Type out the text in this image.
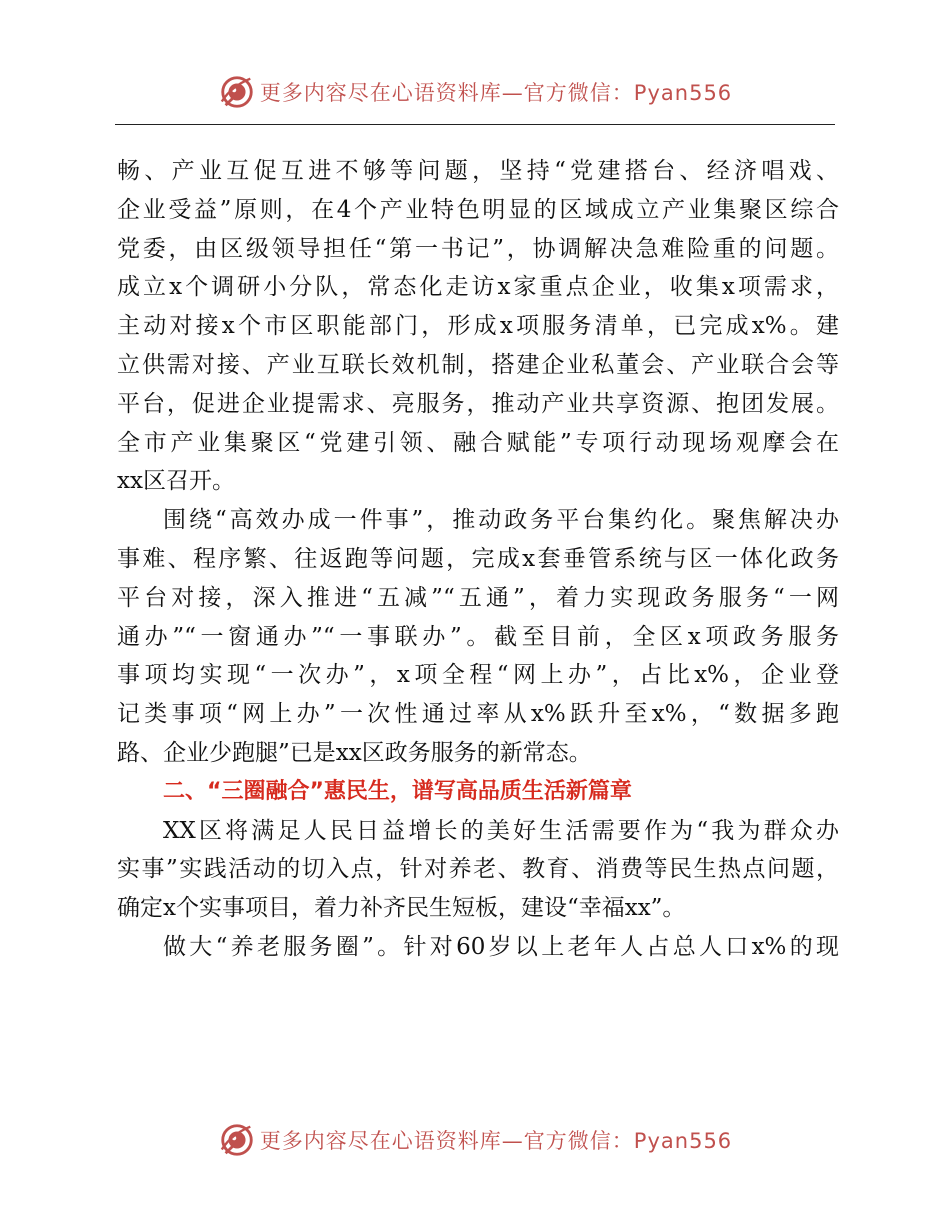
更多内容尽在心语资料库—官方微信：Pyan556
畅、产业互促互进不够等问题，坚持“党建搭台、经济唱戏、
企业受益”原则，在4个产业特色明显的区域成立产业集聚区综合
党委，由区级领导担任“第一书记”，协调解决急难险重的问题。
成立x个调研小分队，常态化走访x家重点企业，收集x项需求，
主动对接x个市区职能部门，形成x项服务清单，已完成x%。建
立供需对接、产业互联长效机制，搭建企业私董会、产业联合会等
平台，促进企业提需求、亮服务，推动产业共享资源、抱团发展。
全市产业集聚区“党建引领、融合赋能”专项行动现场观摩会在
xx区召开。
围绕“高效办成一件事”，推动政务平台集约化。聚焦解决办
事难、程序繁、往返跑等问题，完成x套垂管系统与区一体化政务
平台对接，深入推进“五减”“五通”，着力实现政务服务“一网
通办”“一窗通办”“一事联办”。截至目前，全区x项政务服务
事项均实现“一次办”，x项全程“网上办”，占比x%，企业登
记类事项“网上办”一次性通过率从x%跃升至x%，“数据多跑
路、企业少跑腿”已是xx区政务服务的新常态。
二、“三圈融合”惠民生，谱写高品质生活新篇章
XX区将满足人民日益增长的美好生活需要作为“我为群众办
实事”实践活动的切入点，针对养老、教育、消费等民生热点问题，
确定x个实事项目，着力补齐民生短板，建设“幸福xx”。
做大“养老服务圈”。针对60岁以上老年人占总人口x%的现
更多内容尽在心语资料库—官方微信：Pyan556
